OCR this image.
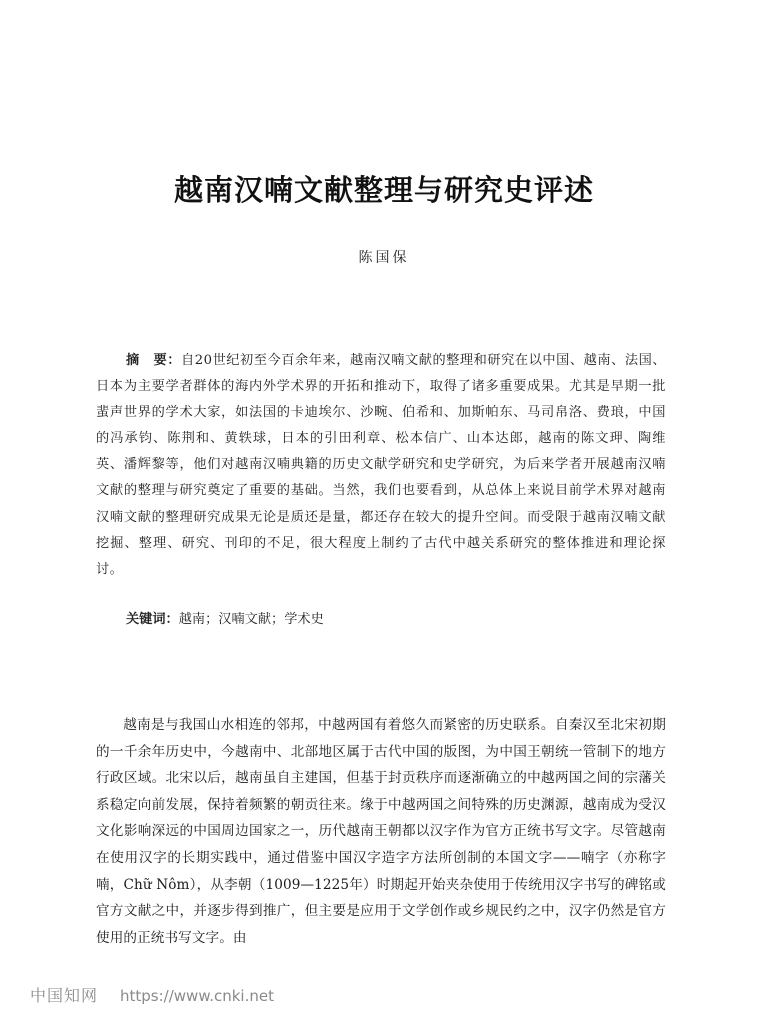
越南汉喃文献整理与研究史评述
陈国保
摘　要：自20世纪初至今百余年来，越南汉喃文献的整理和研究在以中国、越南、法国、日本为主要学者群体的海内外学术界的开拓和推动下，取得了诸多重要成果。尤其是早期一批蜚声世界的学术大家，如法国的卡迪埃尔、沙畹、伯希和、加斯帕东、马司帛洛、费琅，中国的冯承钧、陈荆和、黄轶球，日本的引田利章、松本信广、山本达郎，越南的陈文玾、陶维英、潘辉黎等，他们对越南汉喃典籍的历史文献学研究和史学研究，为后来学者开展越南汉喃文献的整理与研究奠定了重要的基础。当然，我们也要看到，从总体上来说目前学术界对越南汉喃文献的整理研究成果无论是质还是量，都还存在较大的提升空间。而受限于越南汉喃文献挖掘、整理、研究、刊印的不足，很大程度上制约了古代中越关系研究的整体推进和理论探讨。
关键词：越南；汉喃文献；学术史
越南是与我国山水相连的邻邦，中越两国有着悠久而紧密的历史联系。自秦汉至北宋初期的一千余年历史中，今越南中、北部地区属于古代中国的版图，为中国王朝统一管制下的地方行政区域。北宋以后，越南虽自主建国，但基于封贡秩序而逐渐确立的中越两国之间的宗藩关系稳定向前发展，保持着频繁的朝贡往来。缘于中越两国之间特殊的历史渊源，越南成为受汉文化影响深远的中国周边国家之一，历代越南王朝都以汉字作为官方正统书写文字。尽管越南在使用汉字的长期实践中，通过借鉴中国汉字造字方法所创制的本国文字——喃字（亦称字喃，Chữ Nôm），从李朝（1009—1225年）时期起开始夹杂使用于传统用汉字书写的碑铭或官方文献之中，并逐步得到推广，但主要是应用于文学创作或乡规民约之中，汉字仍然是官方使用的正统书写文字。由
中国知网 https://www.cnki.net
